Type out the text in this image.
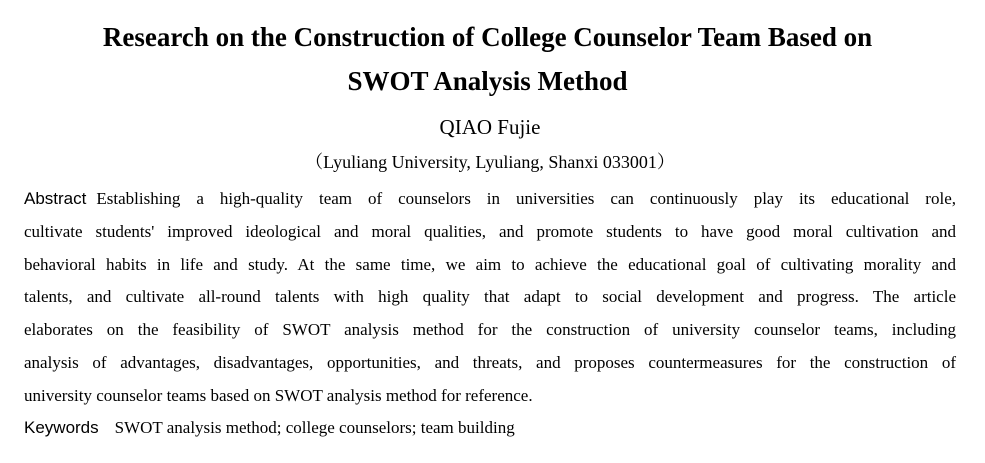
Research on the Construction of College Counselor Team Based on
SWOT Analysis Method
QIAO Fujie
（Lyuliang University, Lyuliang, Shanxi 033001）
Abstract Establishing a high-quality team of counselors in universities can continuously play its educational role,
cultivate students' improved ideological and moral qualities, and promote students to have good moral cultivation and
behavioral habits in life and study. At the same time, we aim to achieve the educational goal of cultivating morality and
talents, and cultivate all-round talents with high quality that adapt to social development and progress. The article
elaborates on the feasibility of SWOT analysis method for the construction of university counselor teams, including
analysis of advantages, disadvantages, opportunities, and threats, and proposes countermeasures for the construction of
university counselor teams based on SWOT analysis method for reference.
Keywords SWOT analysis method; college counselors; team building
